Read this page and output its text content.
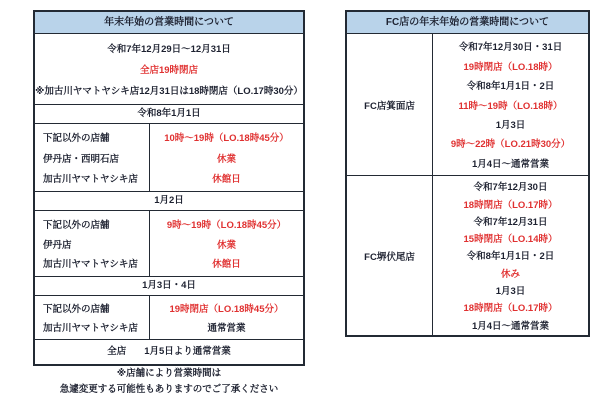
年末年始の営業時間について
令和7年12月29日～12月31日
全店19時閉店
※加古川ヤマトヤシキ店12月31日は18時閉店（LO.17時30分）
令和8年1月1日
下記以外の店舗
伊丹店・西明石店
加古川ヤマトヤシキ店
10時～19時（LO.18時45分）
休業
休館日
1月2日
下記以外の店舗
伊丹店
加古川ヤマトヤシキ店
9時～19時（LO.18時45分）
休業
休館日
1月3日・4日
下記以外の店舗
加古川ヤマトヤシキ店
19時閉店（LO.18時45分）
通常営業
全店 1月5日より通常営業
※店舗により営業時間は
急遽変更する可能性もありますのでご了承ください
FC店の年末年始の営業時間について
FC店箕面店
令和7年12月30日・31日
19時閉店（LO.18時）
令和8年1月1日・2日
11時～19時（LO.18時）
1月3日
9時～22時（LO.21時30分）
1月4日～通常営業
FC堺伏尾店
令和7年12月30日
18時閉店（LO.17時）
令和7年12月31日
15時閉店（LO.14時）
令和8年1月1日・2日
休み
1月3日
18時閉店（LO.17時）
1月4日～通常営業
